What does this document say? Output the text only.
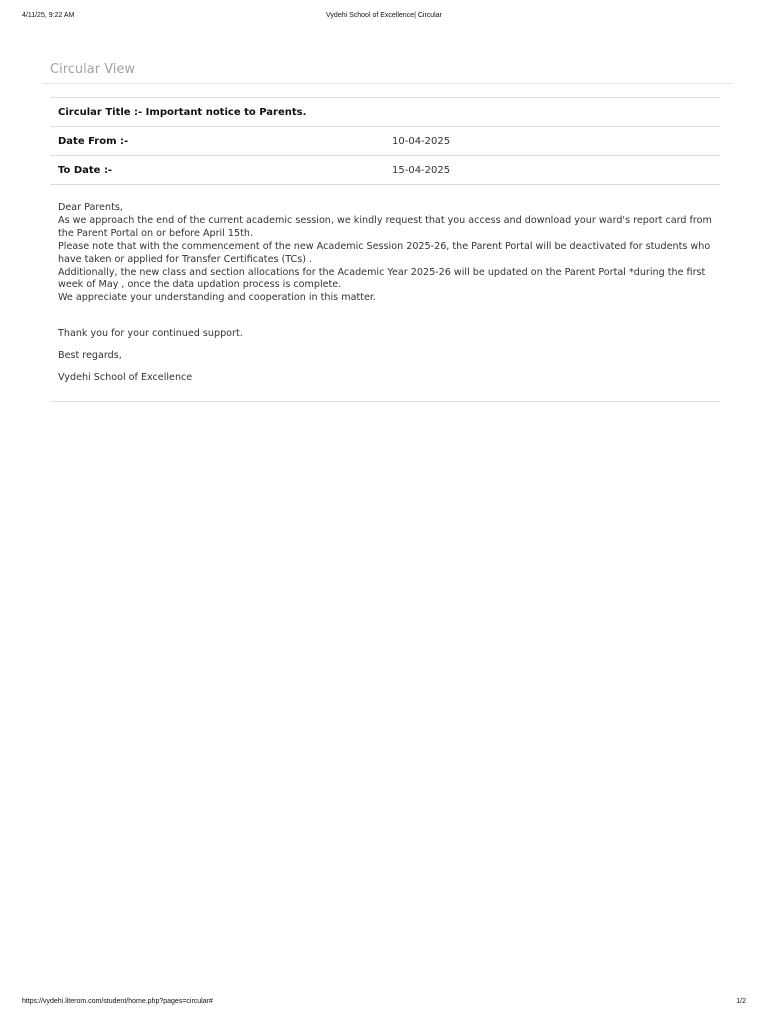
4/11/25, 9:22 AM	Vydehi School of Excellence| Circular
Circular View
Circular Title :- Important notice to Parents.	
Date From :-	10-04-2025
To Date :-	15-04-2025

Dear Parents,

As we approach the end of the current academic session, we kindly request that you access and download your ward's report card from the Parent Portal on or before April 15th.

Please note that with the commencement of the new Academic Session 2025-26, the Parent Portal will be deactivated for students who have taken or applied for Transfer Certificates (TCs) .

Additionally, the new class and section allocations for the Academic Year 2025-26 will be updated on the Parent Portal *during the first week of May , once the data updation process is complete.

We appreciate your understanding and cooperation in this matter.

Thank you for your continued support.

Best regards,

Vydehi School of Excellence

https://vydehi.literom.com/student/home.php?pages=circular#	1/2
